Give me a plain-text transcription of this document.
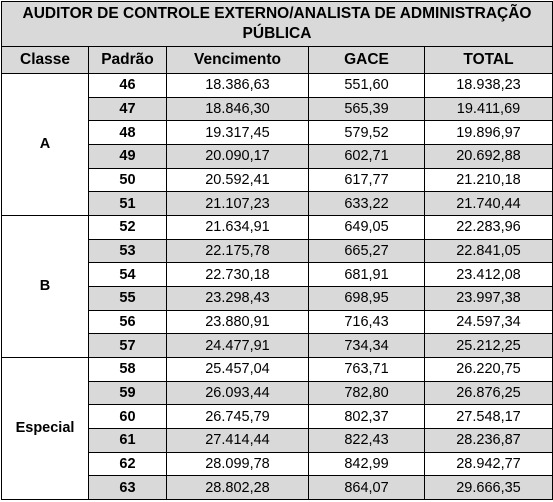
AUDITOR DE CONTROLE EXTERNO/ANALISTA DE ADMINISTRAÇÃO PÚBLICA				
Classe	Padrão	Vencimento	GACE	TOTAL
A	46	18.386,63	551,60	18.938,23
	47	18.846,30	565,39	19.411,69
	48	19.317,45	579,52	19.896,97
	49	20.090,17	602,71	20.692,88
	50	20.592,41	617,77	21.210,18
	51	21.107,23	633,22	21.740,44
B	52	21.634,91	649,05	22.283,96
	53	22.175,78	665,27	22.841,05
	54	22.730,18	681,91	23.412,08
	55	23.298,43	698,95	23.997,38
	56	23.880,91	716,43	24.597,34
	57	24.477,91	734,34	25.212,25
Especial	58	25.457,04	763,71	26.220,75
	59	26.093,44	782,80	26.876,25
	60	26.745,79	802,37	27.548,17
	61	27.414,44	822,43	28.236,87
	62	28.099,78	842,99	28.942,77
	63	28.802,28	864,07	29.666,35
